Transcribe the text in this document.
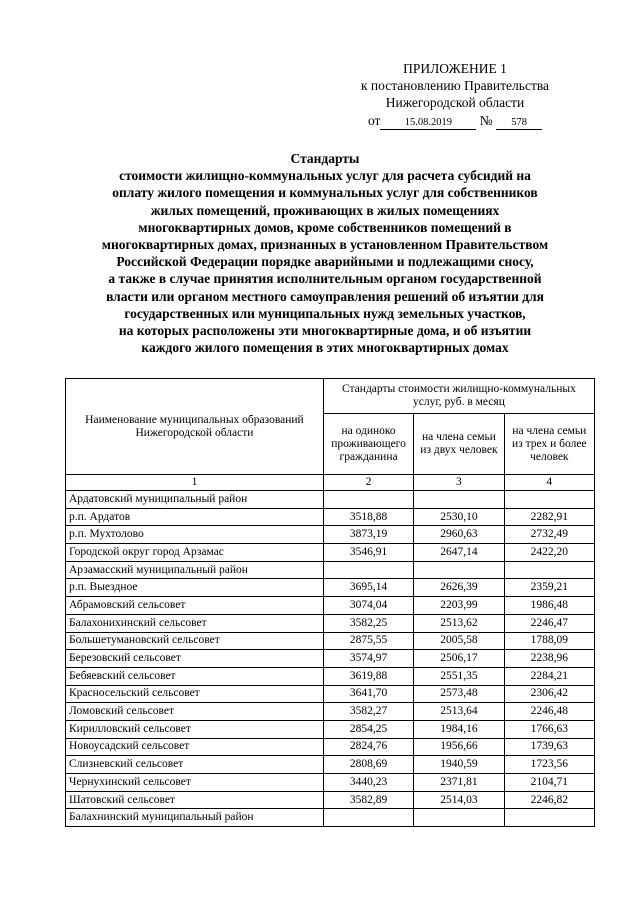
ПРИЛОЖЕНИЕ 1
к постановлению Правительства
Нижегородской области
от 15.08.2019 № 578
Стандарты
стоимости жилищно-коммунальных услуг для расчета субсидий на
оплату жилого помещения и коммунальных услуг для собственников
жилых помещений, проживающих в жилых помещениях
многоквартирных домов, кроме собственников помещений в
многоквартирных домах, признанных в установленном Правительством
Российской Федерации порядке аварийными и подлежащими сносу,
а также в случае принятия исполнительным органом государственной
власти или органом местного самоуправления решений об изъятии для
государственных или муниципальных нужд земельных участков,
на которых расположены эти многоквартирные дома, и об изъятии
каждого жилого помещения в этих многоквартирных домах
Наименование муниципальных образований Нижегородской области	Стандарты стоимости жилищно-коммунальных услуг, руб. в месяц		
	на одиноко проживающего гражданина	на члена семьи из двух человек	на члена семьи из трех и более человек
1	2	3	4
Ардатовский муниципальный район			
р.п. Ардатов	3518,88	2530,10	2282,91
р.п. Мухтолово	3873,19	2960,63	2732,49
Городской округ город Арзамас	3546,91	2647,14	2422,20
Арзамасский муниципальный район			
р.п. Выездное	3695,14	2626,39	2359,21
Абрамовский сельсовет	3074,04	2203,99	1986,48
Балахонихинский сельсовет	3582,25	2513,62	2246,47
Большетумановский сельсовет	2875,55	2005,58	1788,09
Березовский сельсовет	3574,97	2506,17	2238,96
Бебяевский сельсовет	3619,88	2551,35	2284,21
Красносельский сельсовет	3641,70	2573,48	2306,42
Ломовский сельсовет	3582,27	2513,64	2246,48
Кирилловский сельсовет	2854,25	1984,16	1766,63
Новоусадский сельсовет	2824,76	1956,66	1739,63
Слизневский сельсовет	2808,69	1940,59	1723,56
Чернухинский сельсовет	3440,23	2371,81	2104,71
Шатовский сельсовет	3582,89	2514,03	2246,82
Балахнинский муниципальный район			
